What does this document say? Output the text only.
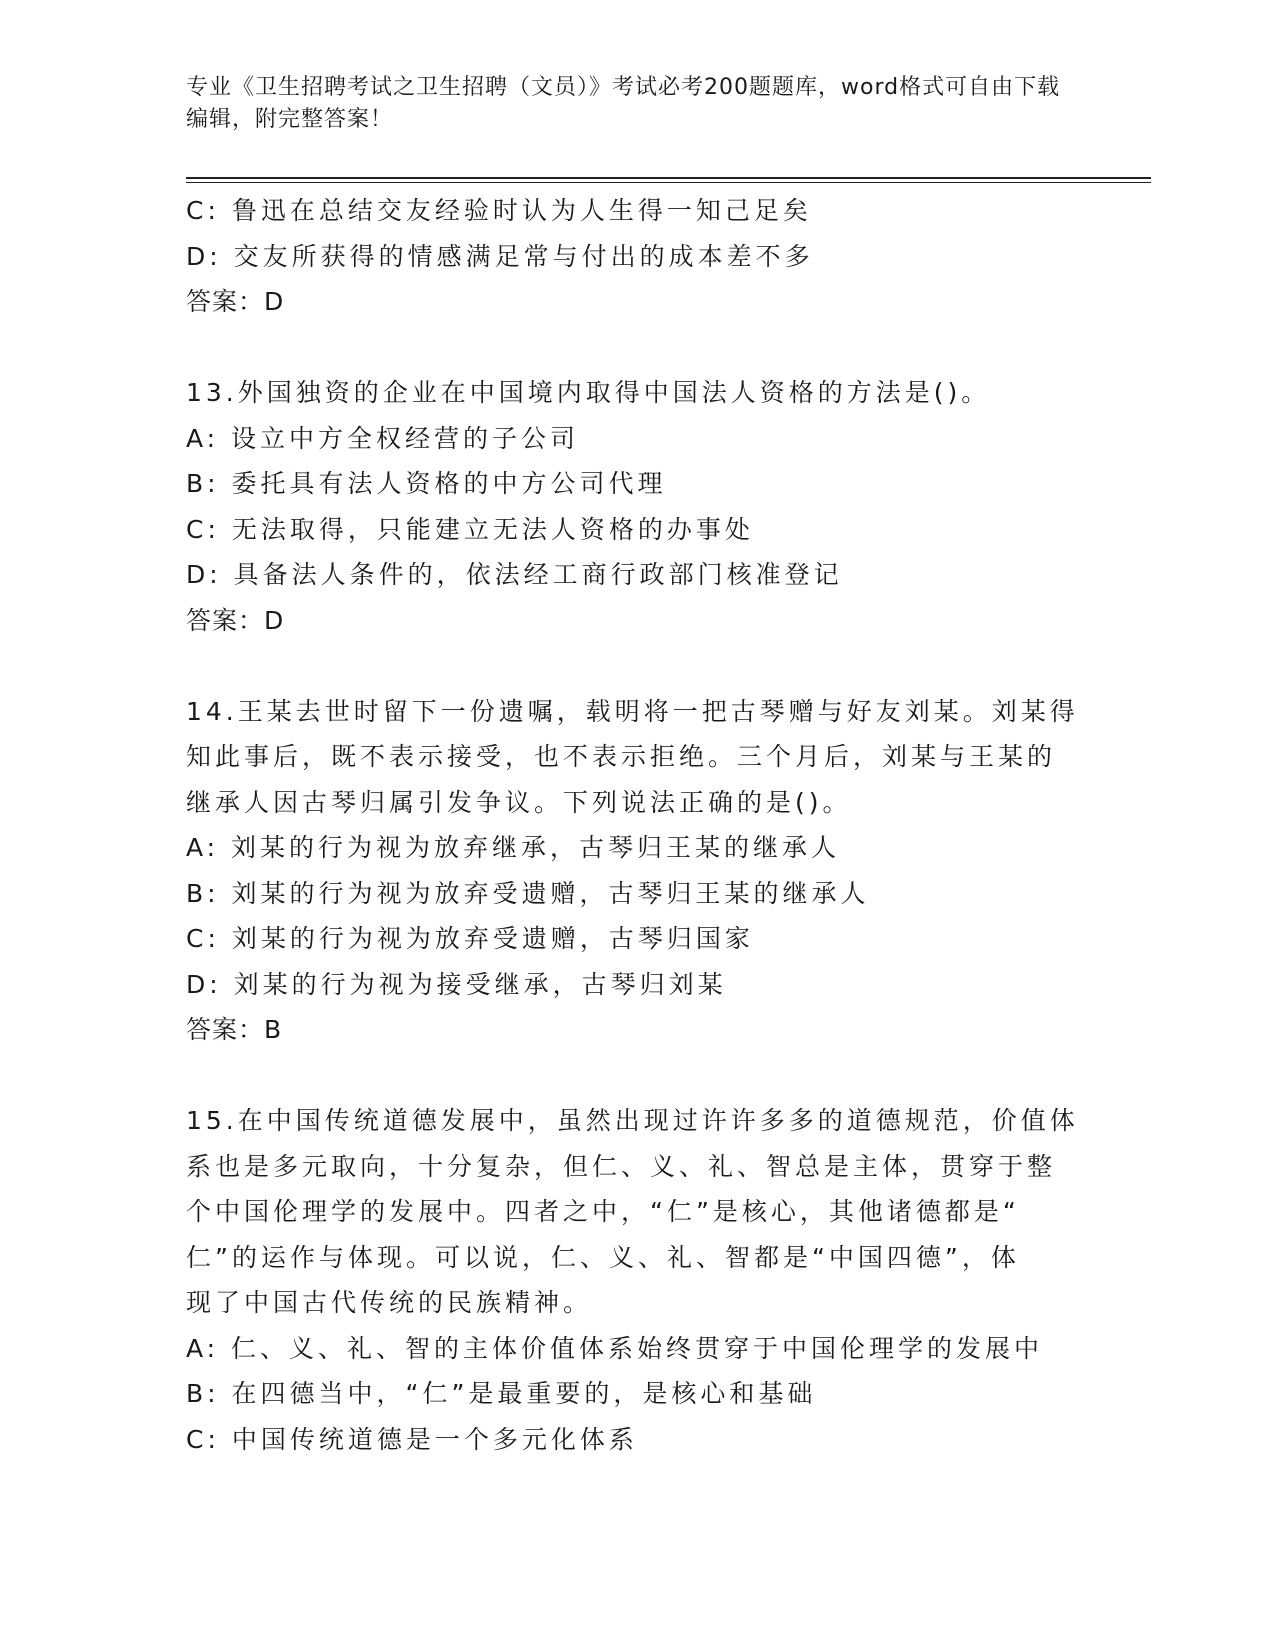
专业《卫生招聘考试之卫生招聘（文员）》考试必考200题题库，word格式可自由下载编辑，附完整答案！
C: 鲁迅在总结交友经验时认为人生得一知己足矣
D: 交友所获得的情感满足常与付出的成本差不多
答案：D
13.外国独资的企业在中国境内取得中国法人资格的方法是()。
A: 设立中方全权经营的子公司
B: 委托具有法人资格的中方公司代理
C: 无法取得，只能建立无法人资格的办事处
D: 具备法人条件的，依法经工商行政部门核准登记
答案：D
14.王某去世时留下一份遗嘱，载明将一把古琴赠与好友刘某。刘某得
知此事后，既不表示接受，也不表示拒绝。三个月后，刘某与王某的
继承人因古琴归属引发争议。下列说法正确的是()。
A: 刘某的行为视为放弃继承，古琴归王某的继承人
B: 刘某的行为视为放弃受遗赠，古琴归王某的继承人
C: 刘某的行为视为放弃受遗赠，古琴归国家
D: 刘某的行为视为接受继承，古琴归刘某
答案：B
15.在中国传统道德发展中，虽然出现过许许多多的道德规范，价值体
系也是多元取向，十分复杂，但仁、义、礼、智总是主体，贯穿于整
个中国伦理学的发展中。四者之中，“仁”是核心，其他诸德都是“
仁”的运作与体现。可以说，仁、义、礼、智都是“中国四德”，体
现了中国古代传统的民族精神。
A: 仁、义、礼、智的主体价值体系始终贯穿于中国伦理学的发展中
B: 在四德当中，“仁”是最重要的，是核心和基础
C: 中国传统道德是一个多元化体系
